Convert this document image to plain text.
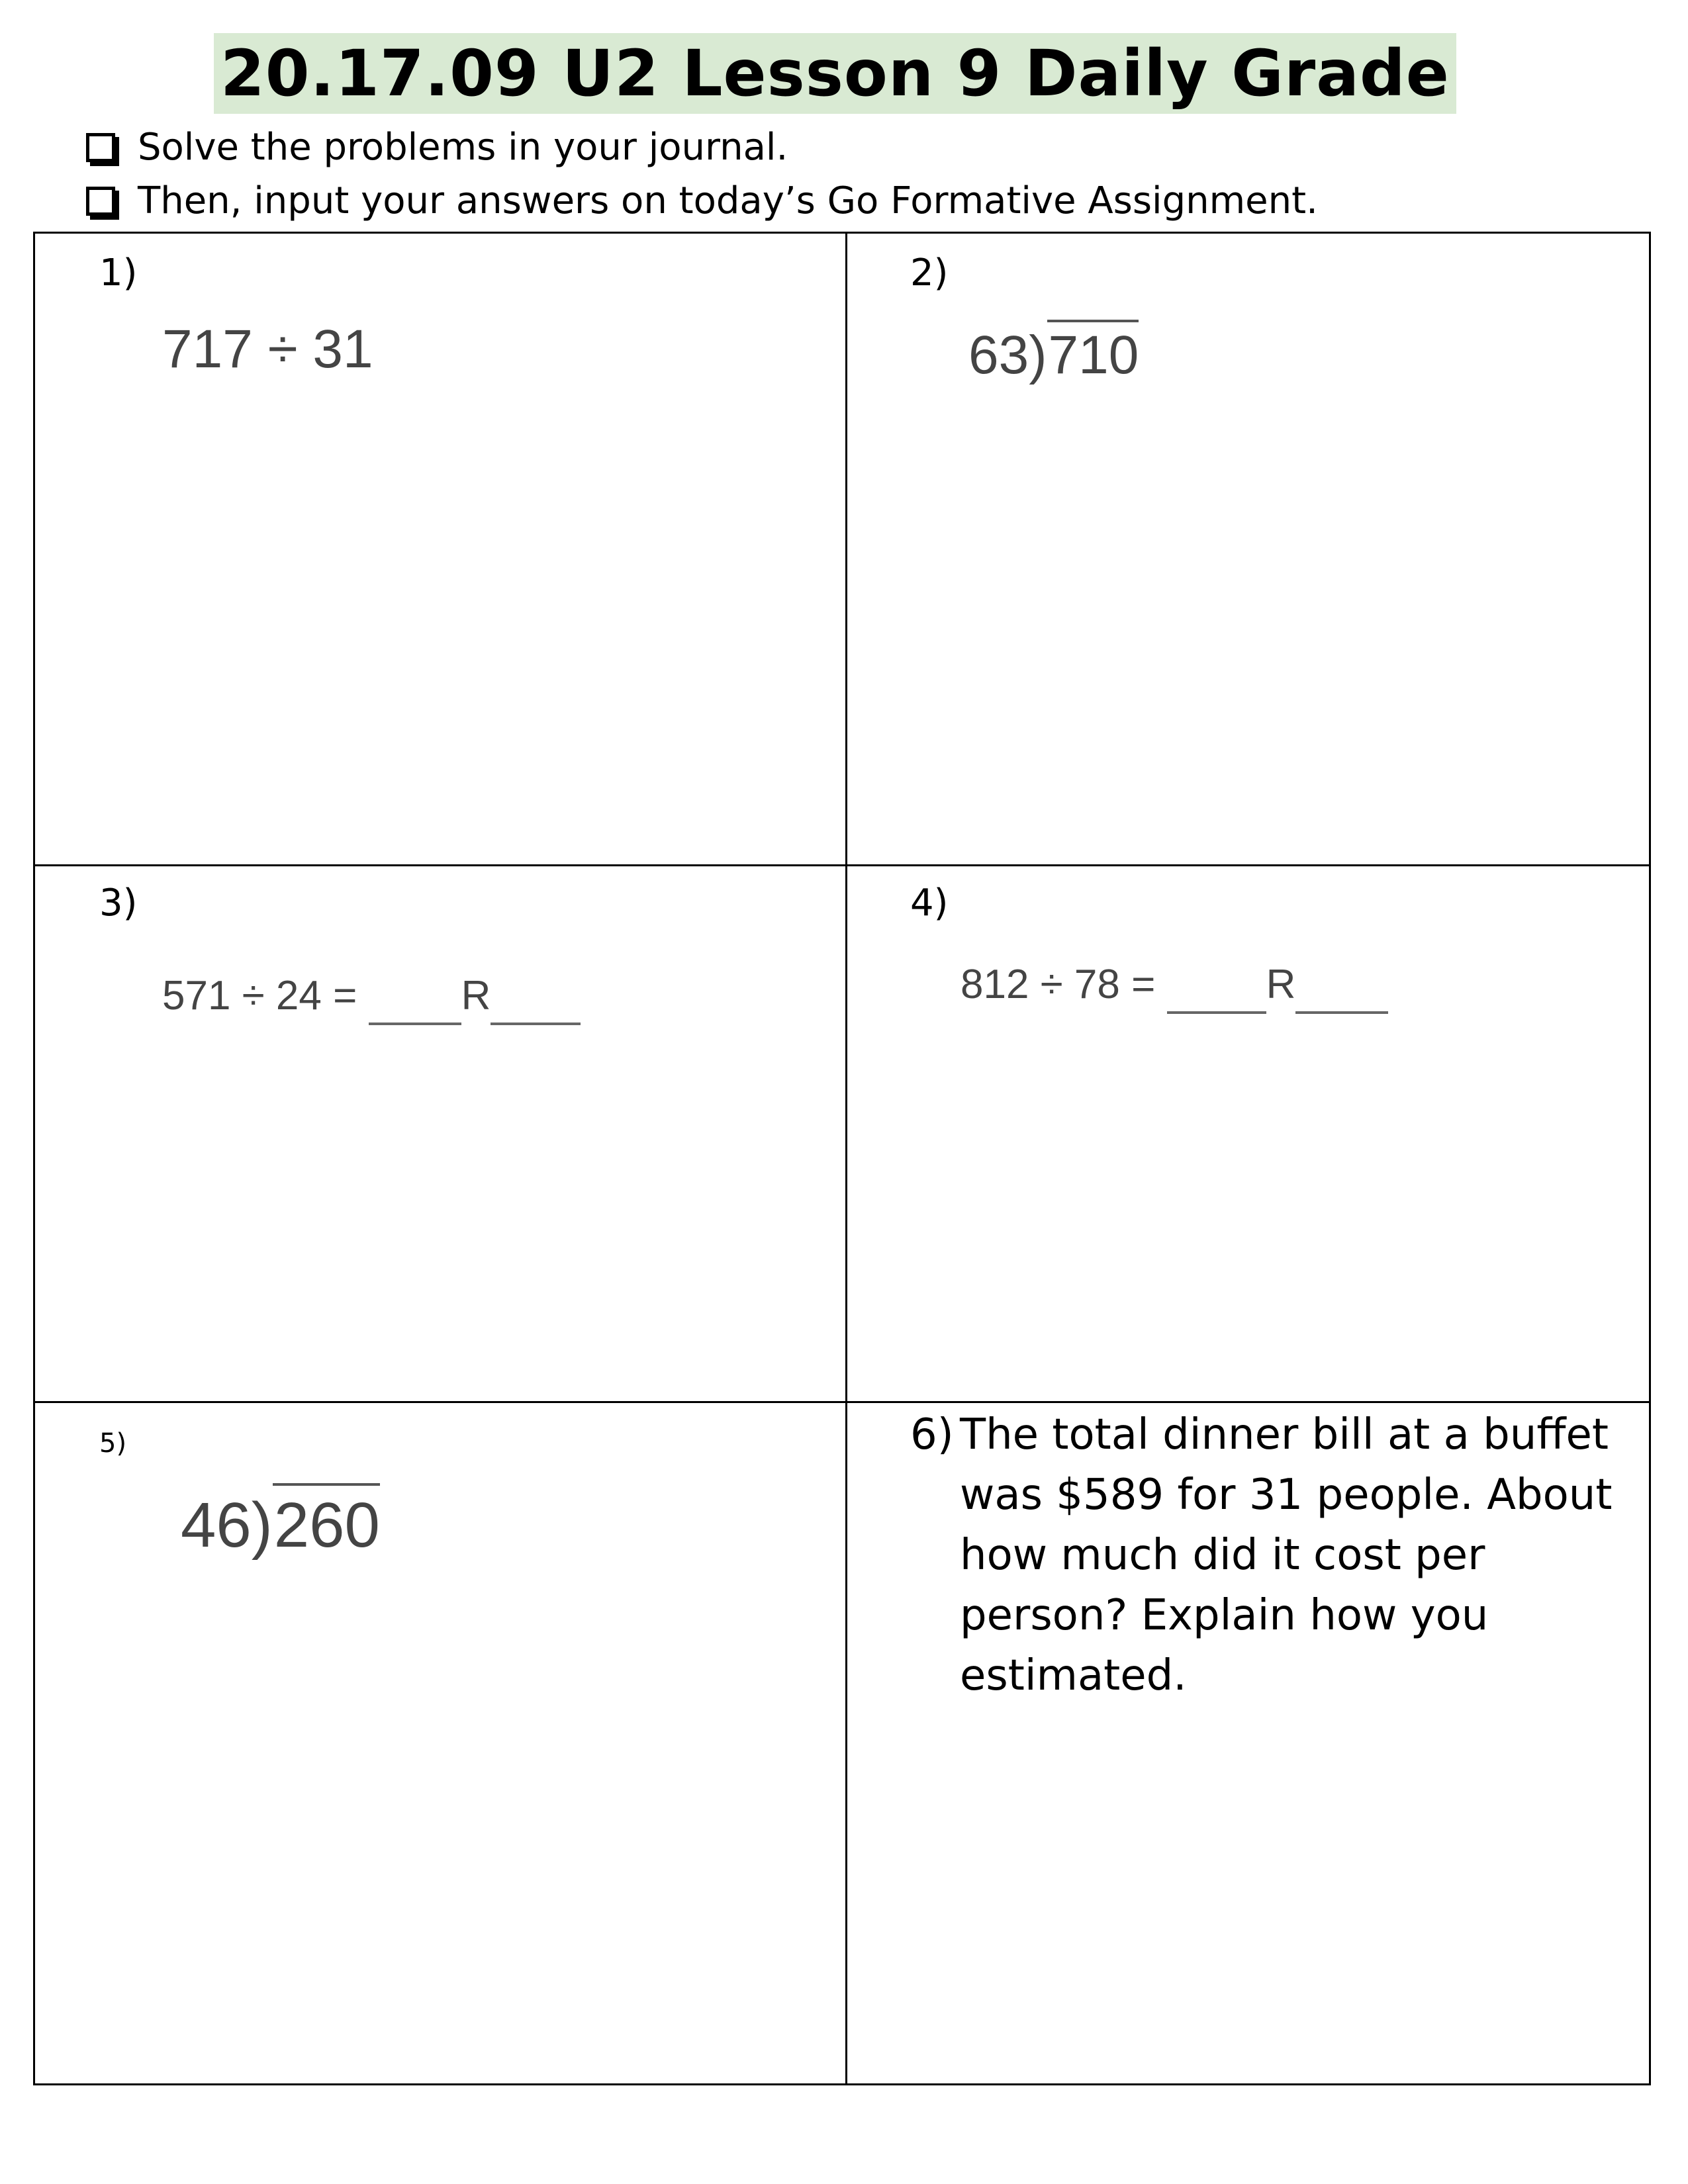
20.17.09 U2 Lesson 9 Daily Grade
Solve the problems in your journal.
Then, input your answers on today’s Go Formative Assignment.
1)
717 ÷ 31
2)
63)710
3)
571 ÷ 24 =	R
4)
812 ÷ 78 =	R
5)
46)260
6) The total dinner bill at a buffet was $589 for 31 people. About how much did it cost per person? Explain how you estimated.
